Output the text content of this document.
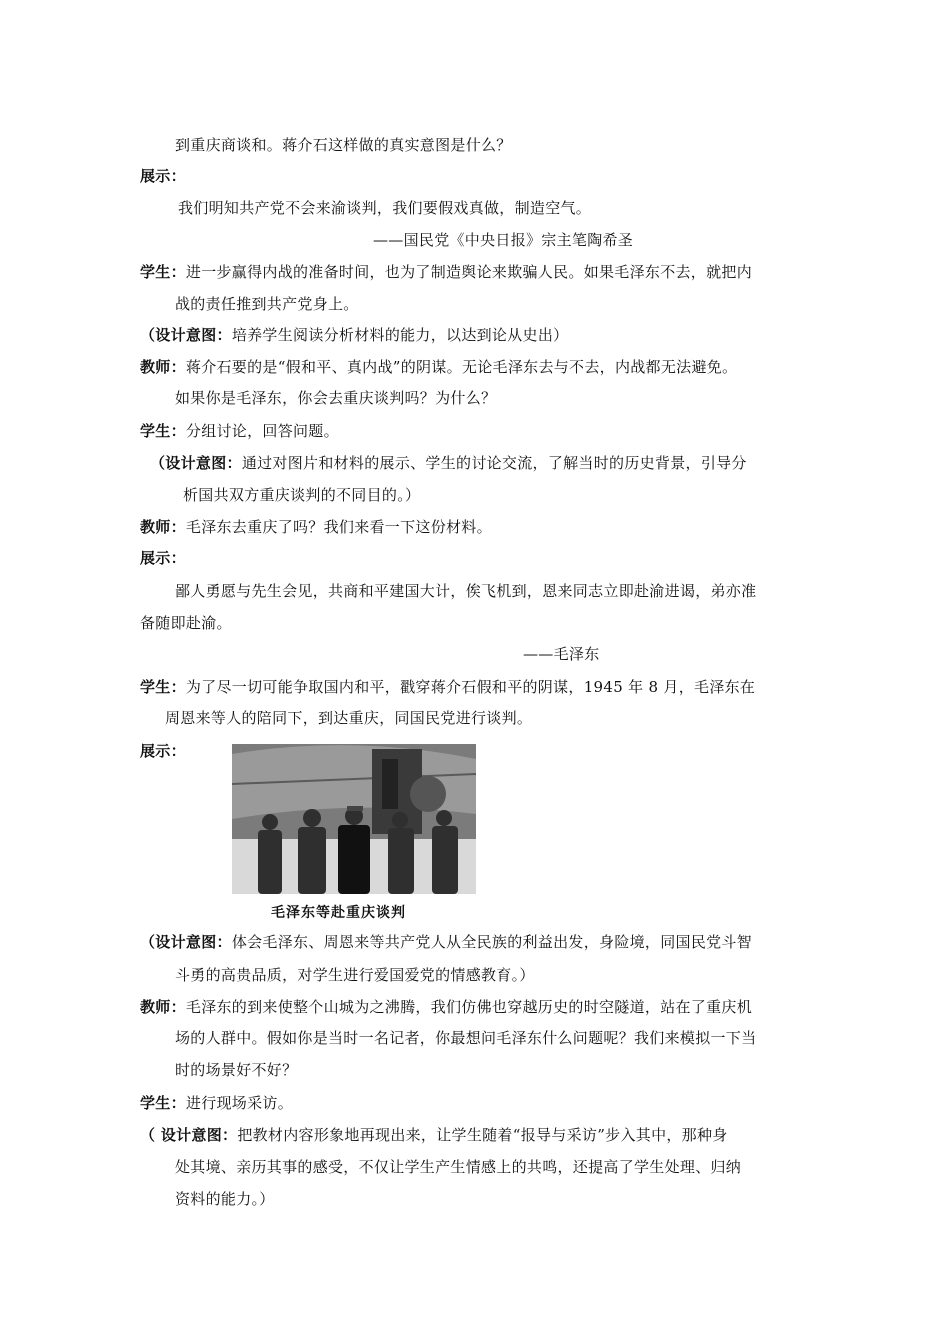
到重庆商谈和。蒋介石这样做的真实意图是什么？
展示：
我们明知共产党不会来渝谈判，我们要假戏真做，制造空气。
——国民党《中央日报》宗主笔陶希圣
学生：进一步赢得内战的准备时间，也为了制造舆论来欺骗人民。如果毛泽东不去，就把内
战的责任推到共产党身上。
（设计意图：培养学生阅读分析材料的能力，以达到论从史出）
教师：蒋介石要的是“假和平、真内战”的阴谋。无论毛泽东去与不去，内战都无法避免。
如果你是毛泽东，你会去重庆谈判吗？为什么？
学生：分组讨论，回答问题。
（设计意图：通过对图片和材料的展示、学生的讨论交流，了解当时的历史背景，引导分
析国共双方重庆谈判的不同目的。）
教师：毛泽东去重庆了吗？我们来看一下这份材料。
展示：
鄙人勇愿与先生会见，共商和平建国大计，俟飞机到，恩来同志立即赴渝进谒，弟亦准
备随即赴渝。
——毛泽东
学生：为了尽一切可能争取国内和平，戳穿蒋介石假和平的阴谋，1945 年 8 月，毛泽东在
周恩来等人的陪同下，到达重庆，同国民党进行谈判。
展示：
毛泽东等赴重庆谈判
（设计意图：体会毛泽东、周恩来等共产党人从全民族的利益出发，身险境，同国民党斗智
斗勇的高贵品质，对学生进行爱国爱党的情感教育。）
教师：毛泽东的到来使整个山城为之沸腾，我们仿佛也穿越历史的时空隧道，站在了重庆机
场的人群中。假如你是当时一名记者，你最想问毛泽东什么问题呢？我们来模拟一下当
时的场景好不好？
学生：进行现场采访。
（ 设计意图：把教材内容形象地再现出来，让学生随着“报导与采访”步入其中，那种身
处其境、亲历其事的感受，不仅让学生产生情感上的共鸣，还提高了学生处理、归纳
资料的能力。）
